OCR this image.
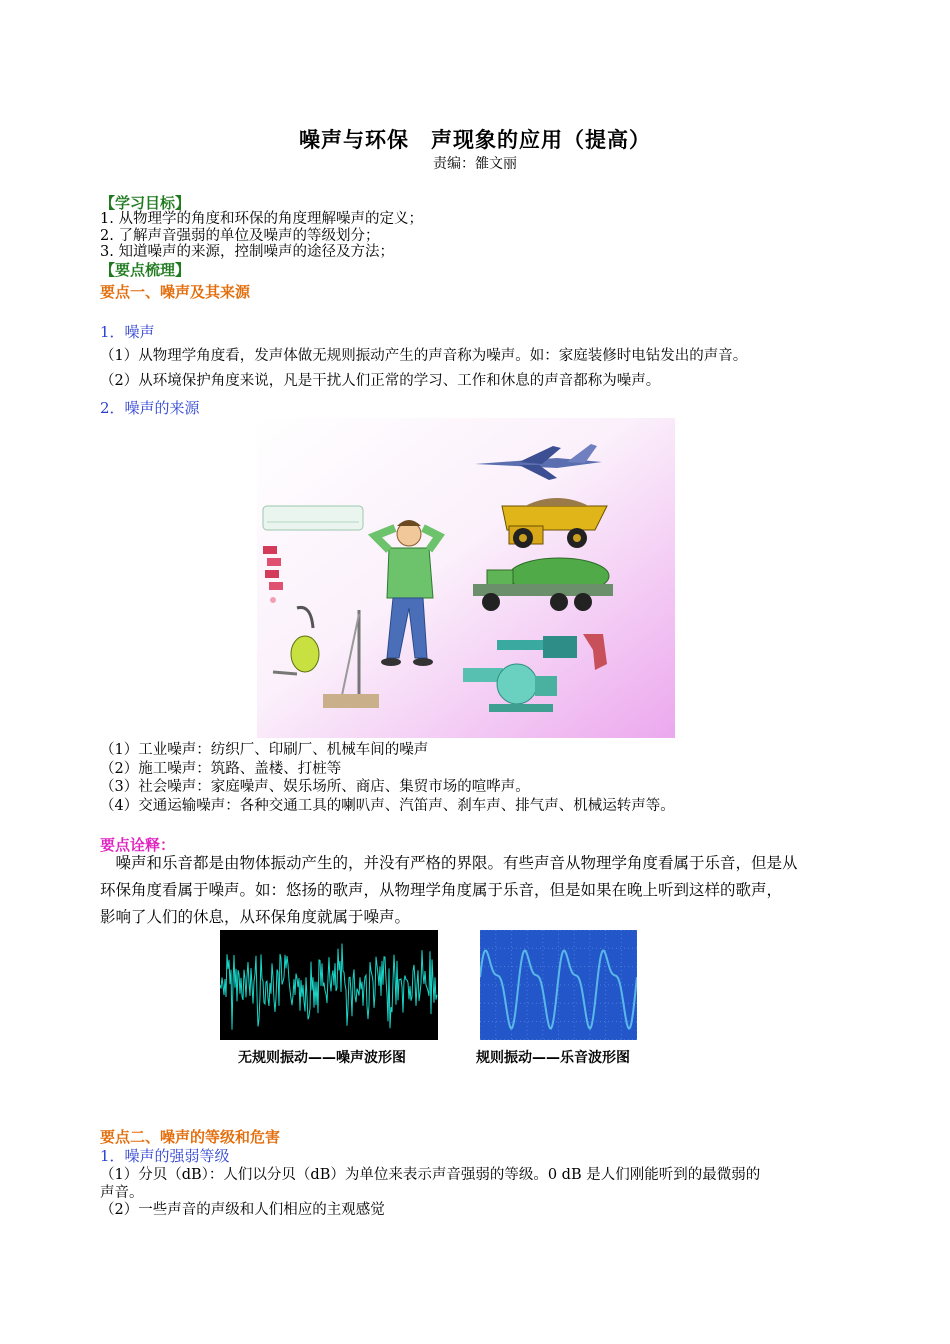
噪声与环保　声现象的应用（提高）
责编：雒文丽
【学习目标】
1. 从物理学的角度和环保的角度理解噪声的定义；
2. 了解声音强弱的单位及噪声的等级划分；
3. 知道噪声的来源，控制噪声的途径及方法；
【要点梳理】
要点一、噪声及其来源
1．噪声
（1）从物理学角度看，发声体做无规则振动产生的声音称为噪声。如：家庭装修时电钻发出的声音。
（2）从环境保护角度来说，凡是干扰人们正常的学习、工作和休息的声音都称为噪声。
2．噪声的来源
（1）工业噪声：纺织厂、印刷厂、机械车间的噪声
（2）施工噪声：筑路、盖楼、打桩等
（3）社会噪声：家庭噪声、娱乐场所、商店、集贸市场的喧哗声。
（4）交通运输噪声：各种交通工具的喇叭声、汽笛声、刹车声、排气声、机械运转声等。
要点诠释：
　噪声和乐音都是由物体振动产生的，并没有严格的界限。有些声音从物理学角度看属于乐音，但是从
环保角度看属于噪声。如：悠扬的歌声，从物理学角度属于乐音，但是如果在晚上听到这样的歌声，
影响了人们的休息，从环保角度就属于噪声。
无规则振动——噪声波形图	规则振动——乐音波形图
要点二、噪声的等级和危害
1．噪声的强弱等级
（1）分贝（dB）：人们以分贝（dB）为单位来表示声音强弱的等级。0 dB 是人们刚能听到的最微弱的
声音。
（2）一些声音的声级和人们相应的主观感觉
